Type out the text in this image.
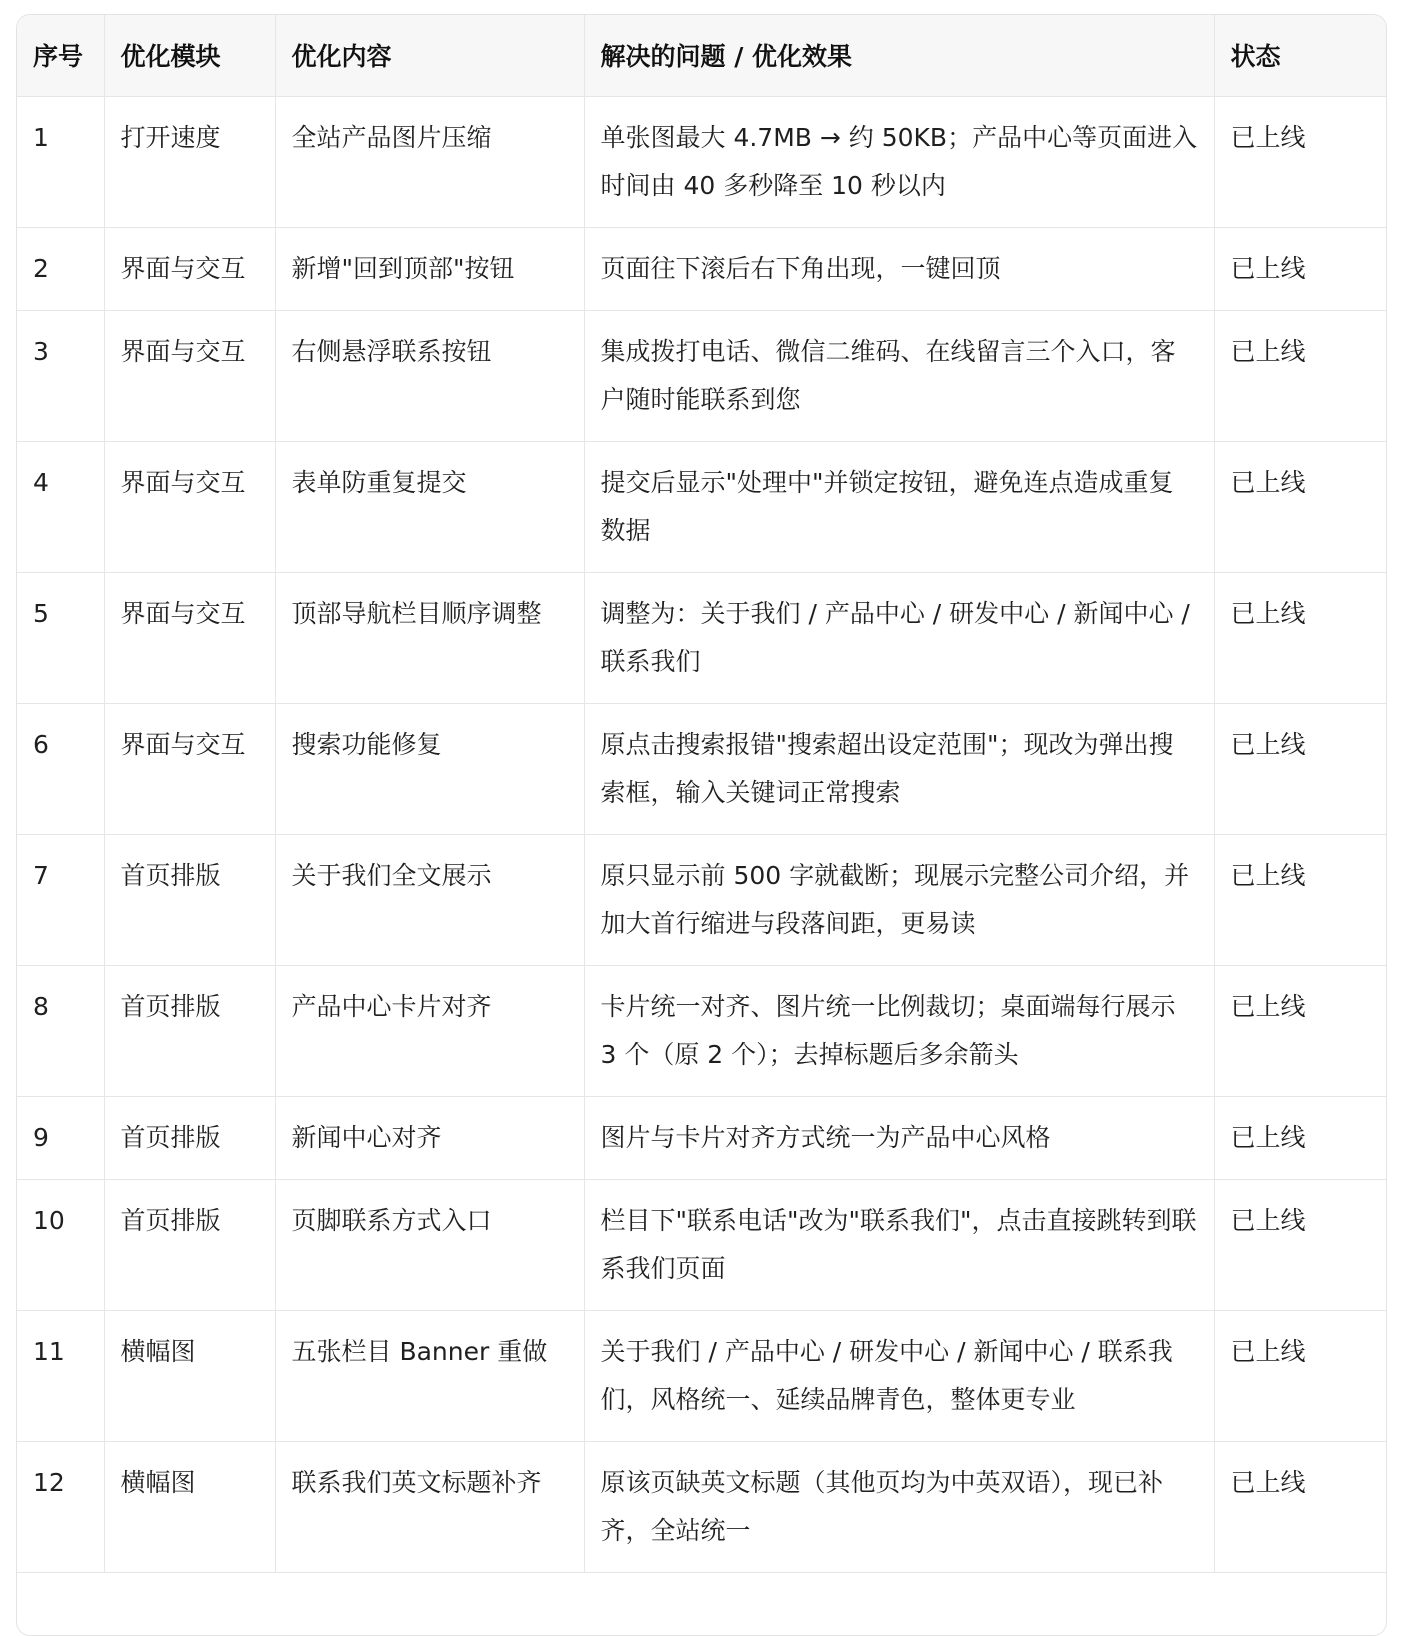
序号	优化模块	优化内容	解决的问题 / 优化效果	状态
1	打开速度	全站产品图片压缩	单张图最大 4.7MB → 约 50KB；产品中心等页面进入时间由 40 多秒降至 10 秒以内	已上线
2	界面与交互	新增"回到顶部"按钮	页面往下滚后右下角出现，一键回顶	已上线
3	界面与交互	右侧悬浮联系按钮	集成拨打电话、微信二维码、在线留言三个入口，客户随时能联系到您	已上线
4	界面与交互	表单防重复提交	提交后显示"处理中"并锁定按钮，避免连点造成重复数据	已上线
5	界面与交互	顶部导航栏目顺序调整	调整为：关于我们 / 产品中心 / 研发中心 / 新闻中心 / 联系我们	已上线
6	界面与交互	搜索功能修复	原点击搜索报错"搜索超出设定范围"；现改为弹出搜索框，输入关键词正常搜索	已上线
7	首页排版	关于我们全文展示	原只显示前 500 字就截断；现展示完整公司介绍，并加大首行缩进与段落间距，更易读	已上线
8	首页排版	产品中心卡片对齐	卡片统一对齐、图片统一比例裁切；桌面端每行展示 3 个（原 2 个）；去掉标题后多余箭头	已上线
9	首页排版	新闻中心对齐	图片与卡片对齐方式统一为产品中心风格	已上线
10	首页排版	页脚联系方式入口	栏目下"联系电话"改为"联系我们"，点击直接跳转到联系我们页面	已上线
11	横幅图	五张栏目 Banner 重做	关于我们 / 产品中心 / 研发中心 / 新闻中心 / 联系我们，风格统一、延续品牌青色，整体更专业	已上线
12	横幅图	联系我们英文标题补齐	原该页缺英文标题（其他页均为中英双语），现已补齐，全站统一	已上线
